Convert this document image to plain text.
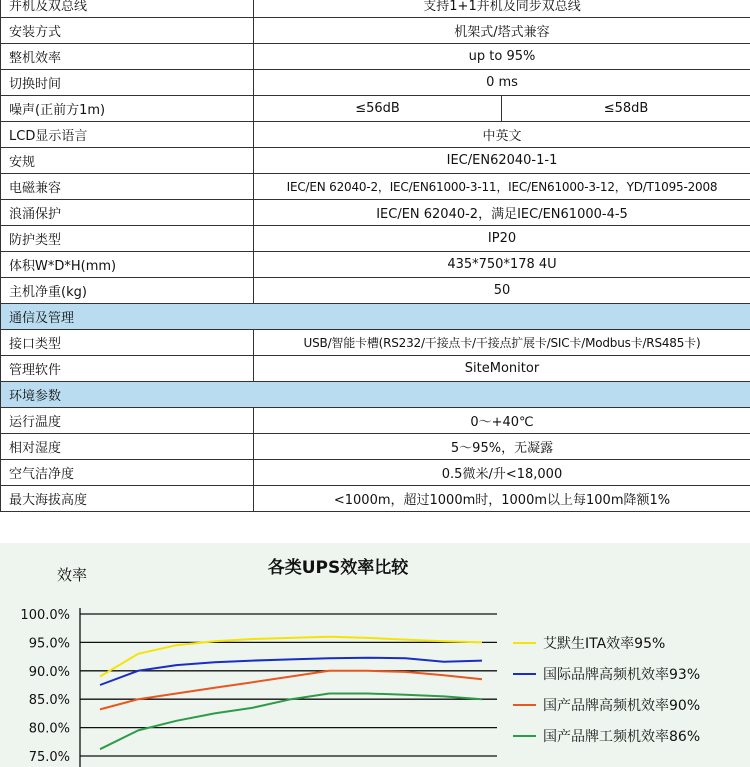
并机及双总线	支持1+1并机及同步双总线	
安装方式	机架式/塔式兼容	
整机效率	up to 95%	
切换时间	0 ms	
噪声(正前方1m)	≤56dB	≤58dB
LCD显示语言	中英文	
安规	IEC/EN62040-1-1	
电磁兼容	IEC/EN 62040-2，IEC/EN61000-3-11，IEC/EN61000-3-12，YD/T1095-2008	
浪涌保护	IEC/EN 62040-2，满足IEC/EN61000-4-5	
防护类型	IP20	
体积W*D*H(mm)	435*750*178 4U	
主机净重(kg)	50	
通信及管理		
接口类型	USB/智能卡槽(RS232/干接点卡/干接点扩展卡/SIC卡/Modbus卡/RS485卡)	
管理软件	SiteMonitor	
环境参数		
运行温度	0～+40℃	
相对湿度	5～95%，无凝露	
空气洁净度	0.5微米/升<18,000	
最大海拔高度	<1000m，超过1000m时，1000m以上每100m降额1%	
各类UPS效率比较
效率
100.0%
95.0%
90.0%
85.0%
80.0%
75.0%
艾默生ITA效率95%
国际品牌高频机效率93%
国产品牌高频机效率90%
国产品牌工频机效率86%
